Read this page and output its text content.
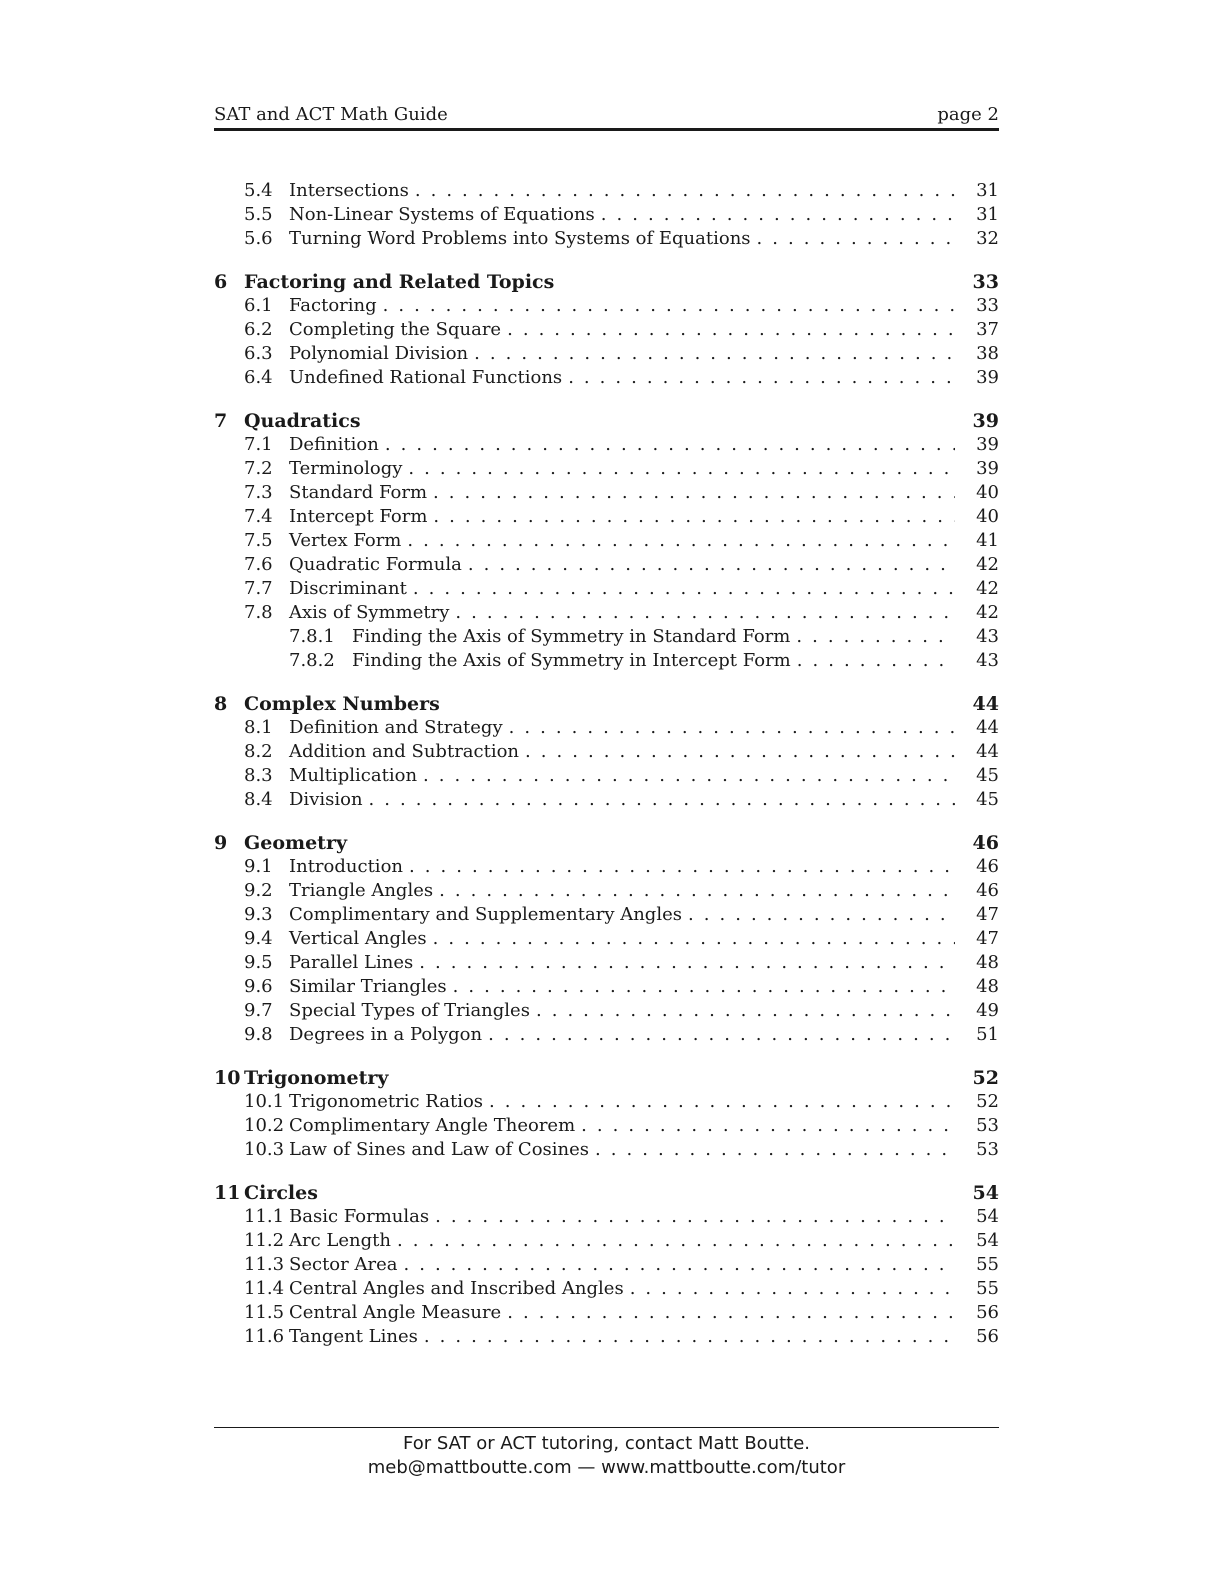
SAT and ACT Math Guide	page 2
5.4 Intersections . . .	31
5.5 Non-Linear Systems of Equations . . .	31
5.6 Turning Word Problems into Systems of Equations . . .	32
6 Factoring and Related Topics	33
6.1 Factoring . . .	33
6.2 Completing the Square . . .	37
6.3 Polynomial Division . . .	38
6.4 Undefined Rational Functions . . .	39
7 Quadratics	39
7.1 Definition . . .	39
7.2 Terminology . . .	39
7.3 Standard Form . . .	40
7.4 Intercept Form . . .	40
7.5 Vertex Form . . .	41
7.6 Quadratic Formula . . .	42
7.7 Discriminant . . .	42
7.8 Axis of Symmetry . . .	42
7.8.1 Finding the Axis of Symmetry in Standard Form . . .	43
7.8.2 Finding the Axis of Symmetry in Intercept Form . . .	43
8 Complex Numbers	44
8.1 Definition and Strategy . . .	44
8.2 Addition and Subtraction . . .	44
8.3 Multiplication . . .	45
8.4 Division . . .	45
9 Geometry	46
9.1 Introduction . . .	46
9.2 Triangle Angles . . .	46
9.3 Complimentary and Supplementary Angles . . .	47
9.4 Vertical Angles . . .	47
9.5 Parallel Lines . . .	48
9.6 Similar Triangles . . .	48
9.7 Special Types of Triangles . . .	49
9.8 Degrees in a Polygon . . .	51
10 Trigonometry	52
10.1 Trigonometric Ratios . . .	52
10.2 Complimentary Angle Theorem . . .	53
10.3 Law of Sines and Law of Cosines . . .	53
11 Circles	54
11.1 Basic Formulas . . .	54
11.2 Arc Length . . .	54
11.3 Sector Area . . .	55
11.4 Central Angles and Inscribed Angles . . .	55
11.5 Central Angle Measure . . .	56
11.6 Tangent Lines . . .	56
For SAT or ACT tutoring, contact Matt Boutte.
meb@mattboutte.com — www.mattboutte.com/tutor
